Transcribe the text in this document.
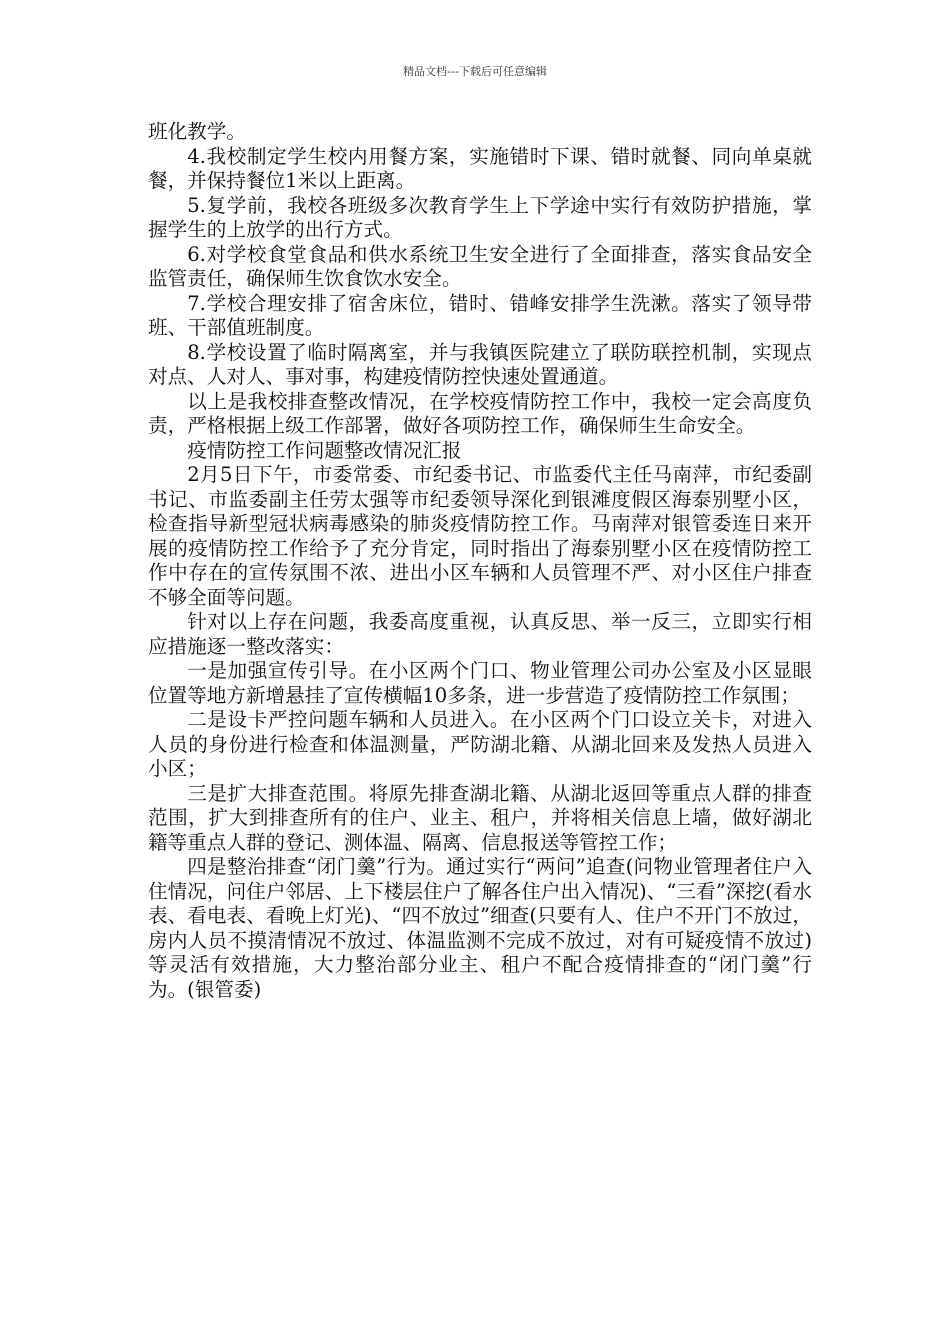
精品文档---下载后可任意编辑

班化教学。

4.我校制定学生校内用餐方案，实施错时下课、错时就餐、同向单桌就餐，并保持餐位1米以上距离。

5.复学前，我校各班级多次教育学生上下学途中实行有效防护措施，掌握学生的上放学的出行方式。

6.对学校食堂食品和供水系统卫生安全进行了全面排查，落实食品安全监管责任，确保师生饮食饮水安全。

7.学校合理安排了宿舍床位，错时、错峰安排学生洗漱。落实了领导带班、干部值班制度。

8.学校设置了临时隔离室，并与我镇医院建立了联防联控机制，实现点对点、人对人、事对事，构建疫情防控快速处置通道。

以上是我校排查整改情况，在学校疫情防控工作中，我校一定会高度负责，严格根据上级工作部署，做好各项防控工作，确保师生生命安全。

疫情防控工作问题整改情况汇报

2月5日下午，市委常委、市纪委书记、市监委代主任马南萍，市纪委副书记、市监委副主任劳太强等市纪委领导深化到银滩度假区海泰别墅小区，检查指导新型冠状病毒感染的肺炎疫情防控工作。马南萍对银管委连日来开展的疫情防控工作给予了充分肯定，同时指出了海泰别墅小区在疫情防控工作中存在的宣传氛围不浓、进出小区车辆和人员管理不严、对小区住户排查不够全面等问题。

针对以上存在问题，我委高度重视，认真反思、举一反三，立即实行相应措施逐一整改落实：

一是加强宣传引导。在小区两个门口、物业管理公司办公室及小区显眼位置等地方新增悬挂了宣传横幅10多条，进一步营造了疫情防控工作氛围；

二是设卡严控问题车辆和人员进入。在小区两个门口设立关卡，对进入人员的身份进行检查和体温测量，严防湖北籍、从湖北回来及发热人员进入小区；

三是扩大排查范围。将原先排查湖北籍、从湖北返回等重点人群的排查范围，扩大到排查所有的住户、业主、租户，并将相关信息上墙，做好湖北籍等重点人群的登记、测体温、隔离、信息报送等管控工作；

四是整治排查“闭门羹”行为。通过实行“两问”追查(问物业管理者住户入住情况，问住户邻居、上下楼层住户了解各住户出入情况)、“三看”深挖(看水表、看电表、看晚上灯光)、“四不放过”细查(只要有人、住户不开门不放过，房内人员不摸清情况不放过、体温监测不完成不放过，对有可疑疫情不放过)等灵活有效措施，大力整治部分业主、租户不配合疫情排查的“闭门羹”行为。(银管委)
